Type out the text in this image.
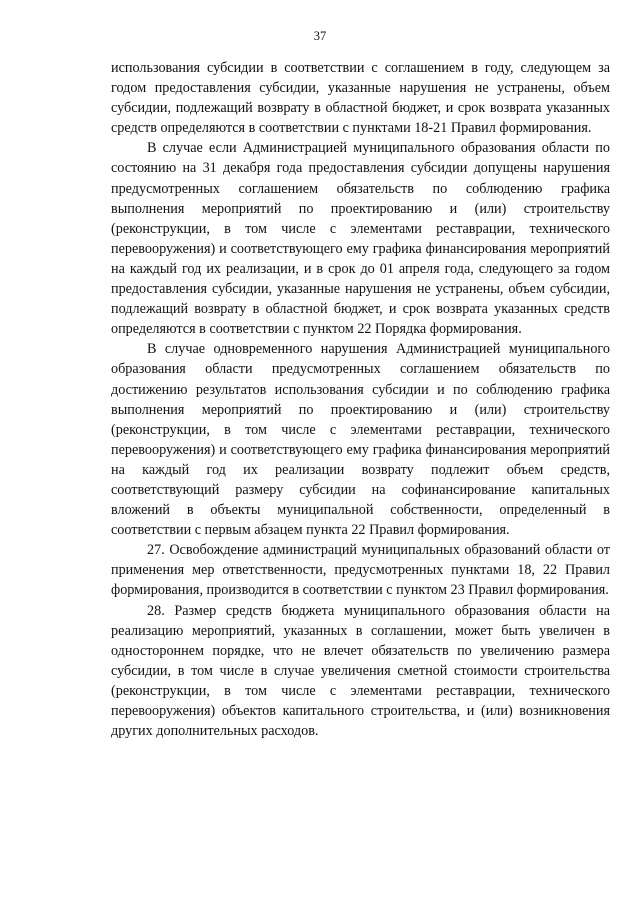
37

использования субсидии в соответствии с соглашением в году, следующем за годом предоставления субсидии, указанные нарушения не устранены, объем субсидии, подлежащий возврату в областной бюджет, и срок возврата указанных средств определяются в соответствии с пунктами 18-21 Правил формирования.

В случае если Администрацией муниципального образования области по состоянию на 31 декабря года предоставления субсидии допущены нарушения предусмотренных соглашением обязательств по соблюдению графика выполнения мероприятий по проектированию и (или) строительству (реконструкции, в том числе с элементами реставрации, технического перевооружения) и соответствующего ему графика финансирования мероприятий на каждый год их реализации, и в срок до 01 апреля года, следующего за годом предоставления субсидии, указанные нарушения не устранены, объем субсидии, подлежащий возврату в областной бюджет, и срок возврата указанных средств определяются в соответствии с пунктом 22 Порядка формирования.

В случае одновременного нарушения Администрацией муниципального образования области предусмотренных соглашением обязательств по достижению результатов использования субсидии и по соблюдению графика выполнения мероприятий по проектированию и (или) строительству (реконструкции, в том числе с элементами реставрации, технического перевооружения) и соответствующего ему графика финансирования мероприятий на каждый год их реализации возврату подлежит объем средств, соответствующий размеру субсидии на софинансирование капитальных вложений в объекты муниципальной собственности, определенный в соответствии с первым абзацем пункта 22 Правил формирования.

27. Освобождение администраций муниципальных образований области от применения мер ответственности, предусмотренных пунктами 18, 22 Правил формирования, производится в соответствии с пунктом 23 Правил формирования.

28. Размер средств бюджета муниципального образования области на реализацию мероприятий, указанных в соглашении, может быть увеличен в одностороннем порядке, что не влечет обязательств по увеличению размера субсидии, в том числе в случае увеличения сметной стоимости строительства (реконструкции, в том числе с элементами реставрации, технического перевооружения) объектов капитального строительства, и (или) возникновения других дополнительных расходов.
